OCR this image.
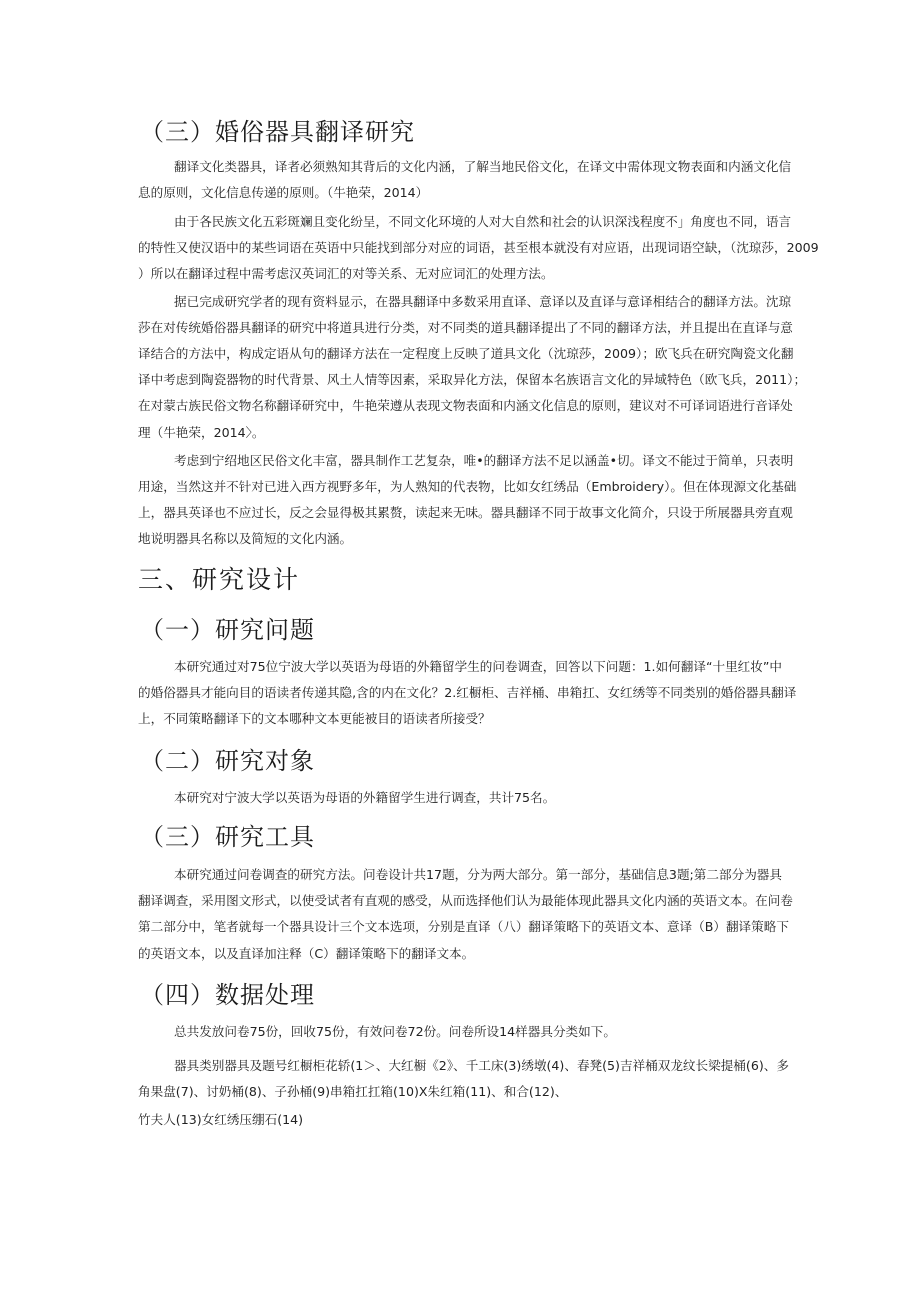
（三）婚俗器具翻译研究

翻译文化类器具，译者必须熟知其背后的文化内涵，了解当地民俗文化，在译文中需体现文物表面和内涵文化信

息的原则，文化信息传递的原则。（牛艳荣，2014）

由于各民族文化五彩斑斓且变化纷呈，不同文化环境的人对大自然和社会的认识深浅程度不」角度也不同，语言

的特性又使汉语中的某些词语在英语中只能找到部分对应的词语，甚至根本就没有对应语，出现词语空缺，（沈琼莎，2009

）所以在翻译过程中需考虑汉英词汇的对等关系、无对应词汇的处理方法。

据已完成研究学者的现有资料显示，在器具翻译中多数采用直译、意译以及直译与意译相结合的翻译方法。沈琼

莎在对传统婚俗器具翻译的研究中将道具进行分类，对不同类的道具翻译提出了不同的翻译方法，并且提出在直译与意

译结合的方法中，构成定语从句的翻译方法在一定程度上反映了道具文化（沈琼莎，2009）；欧飞兵在研究陶瓷文化翻

译中考虑到陶瓷器物的时代背景、风土人情等因素，采取异化方法，保留本名族语言文化的异域特色（欧飞兵，2011）；

在对蒙古族民俗文物名称翻译研究中，牛艳荣遵从表现文物表面和内涵文化信息的原则，建议对不可译词语进行音译处

理（牛艳荣，2014〉。

考虑到宁绍地区民俗文化丰富，器具制作工艺复杂，唯•的翻译方法不足以涵盖•切。译文不能过于简单，只表明

用途，当然这并不针对已进入西方视野多年，为人熟知的代表物，比如女红绣品（Embroidery）。但在体现源文化基础

上，器具英译也不应过长，反之会显得极其累赘，读起来无味。器具翻译不同于故事文化简介，只设于所展器具旁直观

地说明器具名称以及简短的文化内涵。

三、研究设计
（一）研究问题

本研究通过对75位宁波大学以英语为母语的外籍留学生的问卷调查，回答以下问题：1.如何翻译“十里红妆”中

的婚俗器具才能向目的语读者传递其隐,含的内在文化？2.红橱柜、吉祥桶、串箱扛、女红绣等不同类别的婚俗器具翻译

上，不同策略翻译下的文本哪种文本更能被目的语读者所接受？

（二）研究对象

本研究对宁波大学以英语为母语的外籍留学生进行调查，共计75名。

（三）研究工具

本研究通过问卷调查的研究方法。问卷设计共17题，分为两大部分。第一部分，基础信息3题;第二部分为器具

翻译调查，采用图文形式，以使受试者有直观的感受，从而选择他们认为最能体现此器具文化内涵的英语文本。在问卷

第二部分中，笔者就每一个器具设计三个文本选项，分别是直译（八）翻译策略下的英语文本、意译（B）翻译策略下

的英语文本，以及直译加注释（C）翻译策略下的翻译文本。

（四）数据处理

总共发放问卷75份，回收75份，有效问卷72份。问卷所设14样器具分类如下。

器具类别器具及题号红橱柜花轿(1＞、大红橱《2》、千工床(3)绣墩(4)、春凳(5)吉祥桶双龙纹长梁提桶(6)、多

角果盘(7)、讨奶桶(8)、子孙桶(9)串箱扛扛箱(10)X朱红箱(11)、和合(12)、

竹夫人(13)女红绣压绷石(14)
